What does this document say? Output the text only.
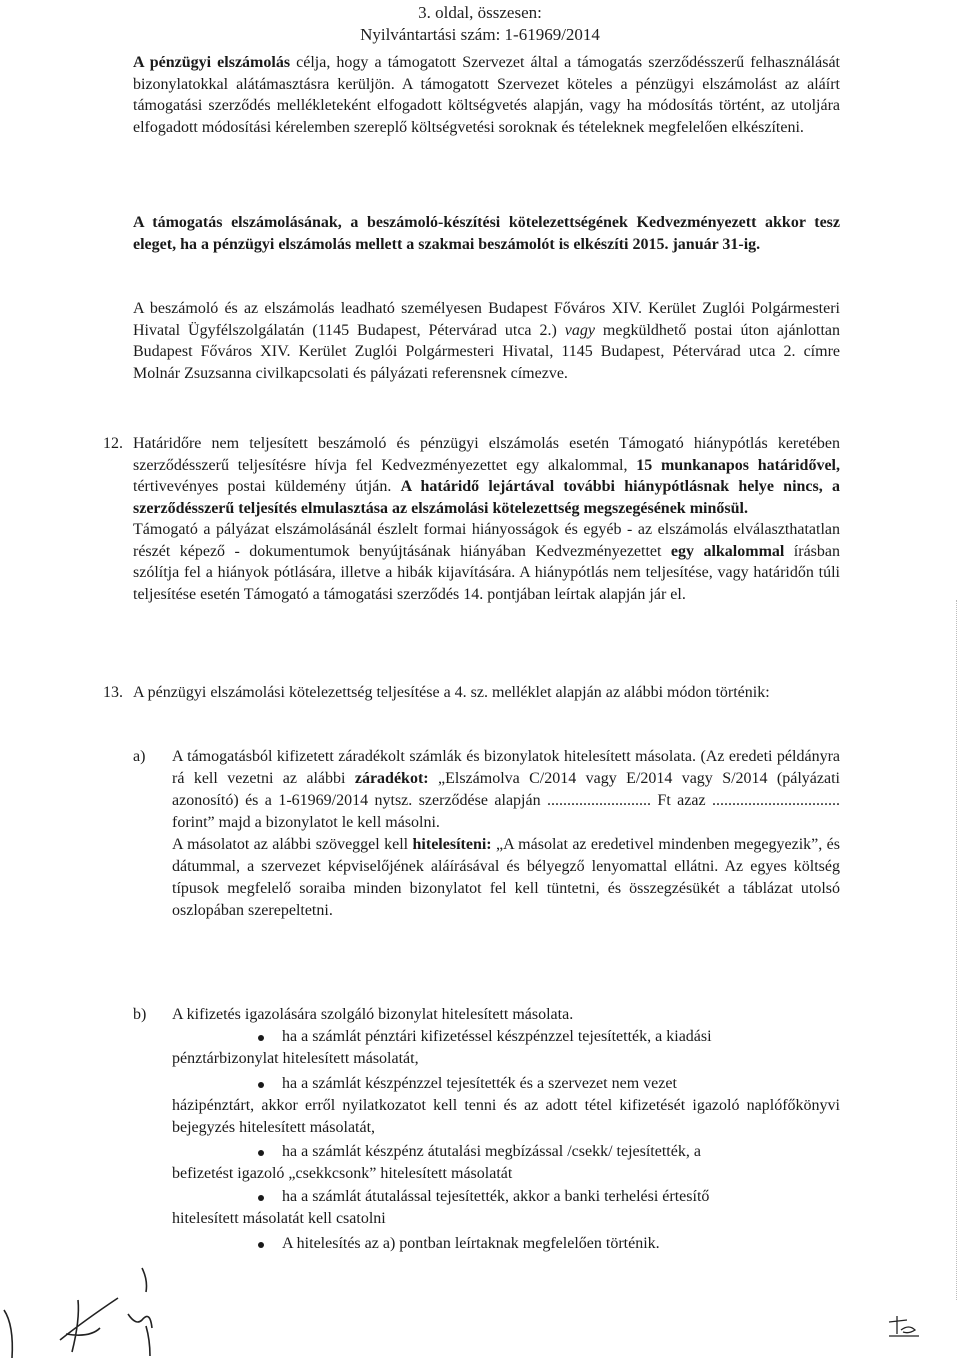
3. oldal, összesen:
Nyilvántartási szám: 1-61969/2014
A pénzügyi elszámolás célja, hogy a támogatott Szervezet által a támogatás szerződésszerű felhasználását bizonylatokkal alátámasztásra kerüljön. A támogatott Szervezet köteles a pénzügyi elszámolást az aláírt támogatási szerződés mellékleteként elfogadott költségvetés alapján, vagy ha módosítás történt, az utoljára elfogadott módosítási kérelemben szereplő költségvetési soroknak és tételeknek megfelelően elkészíteni.
A támogatás elszámolásának, a beszámoló-készítési kötelezettségének Kedvezményezett akkor tesz eleget, ha a pénzügyi elszámolás mellett a szakmai beszámolót is elkészíti 2015. január 31-ig.
A beszámoló és az elszámolás leadható személyesen Budapest Főváros XIV. Kerület Zuglói Polgármesteri Hivatal Ügyfélszolgálatán (1145 Budapest, Pétervárad utca 2.) vagy megküldhető postai úton ajánlottan Budapest Főváros XIV. Kerület Zuglói Polgármesteri Hivatal, 1145 Budapest, Pétervárad utca 2. címre Molnár Zsuzsanna civilkapcsolati és pályázati referensnek címezve.
12. Határidőre nem teljesített beszámoló és pénzügyi elszámolás esetén Támogató hiánypótlás keretében szerződésszerű teljesítésre hívja fel Kedvezményezettet egy alkalommal, 15 munkanapos határidővel, tértivevényes postai küldemény útján. A határidő lejártával további hiánypótlásnak helye nincs, a szerződésszerű teljesítés elmulasztása az elszámolási kötelezettség megszegésének minősül.
Támogató a pályázat elszámolásánál észlelt formai hiányosságok és egyéb - az elszámolás elválaszthatatlan részét képező - dokumentumok benyújtásának hiányában Kedvezményezettet egy alkalommal írásban szólítja fel a hiányok pótlására, illetve a hibák kijavítására. A hiánypótlás nem teljesítése, vagy határidőn túli teljesítése esetén Támogató a támogatási szerződés 14. pontjában leírtak alapján jár el.
13. A pénzügyi elszámolási kötelezettség teljesítése a 4. sz. melléklet alapján az alábbi módon történik:
a) A támogatásból kifizetett záradékolt számlák és bizonylatok hitelesített másolata. (Az eredeti példányra rá kell vezetni az alábbi záradékot: „Elszámolva C/2014 vagy E/2014 vagy S/2014 (pályázati azonosító) és a 1-61969/2014 nytsz. szerződése alapján .......................... Ft azaz ................................ forint” majd a bizonylatot le kell másolni.
A másolatot az alábbi szöveggel kell hitelesíteni: „A másolat az eredetivel mindenben megegyezik”, és dátummal, a szervezet képviselőjének aláírásával és bélyegző lenyomattal ellátni. Az egyes költség típusok megfelelő soraiba minden bizonylatot fel kell tüntetni, és összegzésükét a táblázat utolsó oszlopában szerepeltetni.
b) A kifizetés igazolására szolgáló bizonylat hitelesített másolata.
ha a számlát pénztári kifizetéssel készpénzzel tejesítették, a kiadási
pénztárbizonylat hitelesített másolatát,
ha a számlát készpénzzel tejesítették és a szervezet nem vezet
házipénztárt, akkor erről nyilatkozatot kell tenni és az adott tétel kifizetését igazoló naplófőkönyvi bejegyzés hitelesített másolatát,
ha a számlát készpénz átutalási megbízással /csekk/ tejesítették, a
befizetést igazoló „csekkcsonk” hitelesített másolatát
ha a számlát átutalással tejesítették, akkor a banki terhelési értesítő
hitelesített másolatát kell csatolni
A hitelesítés az a) pontban leírtaknak megfelelően történik.
